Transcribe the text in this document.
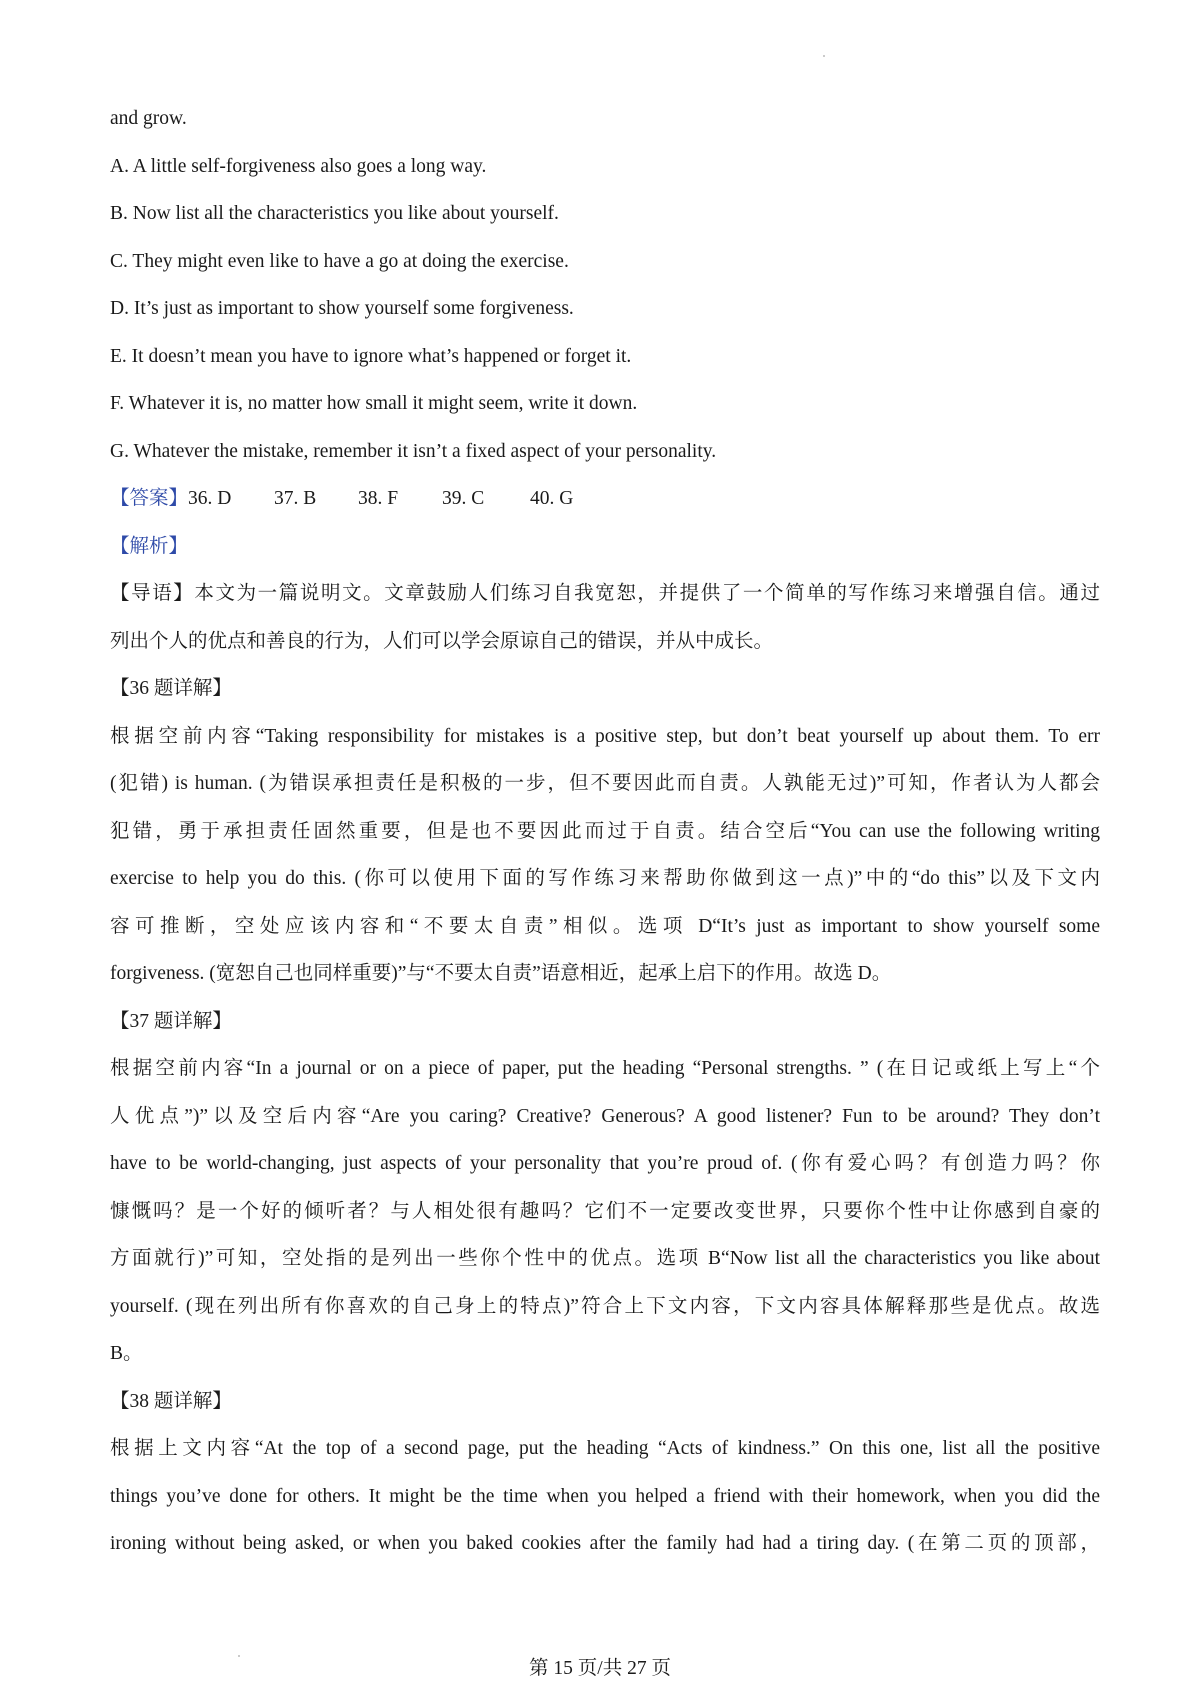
and grow.

A. A little self-forgiveness also goes a long way.

B. Now list all the characteristics you like about yourself.

C. They might even like to have a go at doing the exercise.

D. It’s just as important to show yourself some forgiveness.

E. It doesn’t mean you have to ignore what’s happened or forget it.

F. Whatever it is, no matter how small it might seem, write it down.

G. Whatever the mistake, remember it isn’t a fixed aspect of your personality.

【答案】36. D 37. B 38. F 39. C 40. G

【解析】

【导语】本文为一篇说明文。文章鼓励人们练习自我宽恕，并提供了一个简单的写作练习来增强自信。通过

列出个人的优点和善良的行为，人们可以学会原谅自己的错误，并从中成长。

【36 题详解】

根据空前内容“Taking responsibility for mistakes is a positive step, but don’t beat yourself up about them. To err

(犯错) is human. (为错误承担责任是积极的一步，但不要因此而自责。人孰能无过)”可知，作者认为人都会

犯错，勇于承担责任固然重要，但是也不要因此而过于自责。结合空后“You can use the following writing

exercise to help you do this. (你可以使用下面的写作练习来帮助你做到这一点)”中的“do this”以及下文内

容可推断，空处应该内容和“不要太自责”相似。选项 D“It’s just as important to show yourself some

forgiveness. (宽恕自己也同样重要)”与“不要太自责”语意相近，起承上启下的作用。故选 D。

【37 题详解】

根据空前内容“In a journal or on a piece of paper, put the heading “Personal strengths. ” (在日记或纸上写上“个

人优点”)”以及空后内容“Are you caring? Creative? Generous? A good listener? Fun to be around? They don’t

have to be world-changing, just aspects of your personality that you’re proud of. (你有爱心吗？有创造力吗？你

慷慨吗？是一个好的倾听者？与人相处很有趣吗？它们不一定要改变世界，只要你个性中让你感到自豪的

方面就行)”可知，空处指的是列出一些你个性中的优点。选项 B“Now list all the characteristics you like about

yourself. (现在列出所有你喜欢的自己身上的特点)”符合上下文内容，下文内容具体解释那些是优点。故选

B。

【38 题详解】

根据上文内容“At the top of a second page, put the heading “Acts of kindness.” On this one, list all the positive

things you’ve done for others. It might be the time when you helped a friend with their homework, when you did the

ironing without being asked, or when you baked cookies after the family had had a tiring day. (在第二页的顶部，

第 15 页/共 27 页
